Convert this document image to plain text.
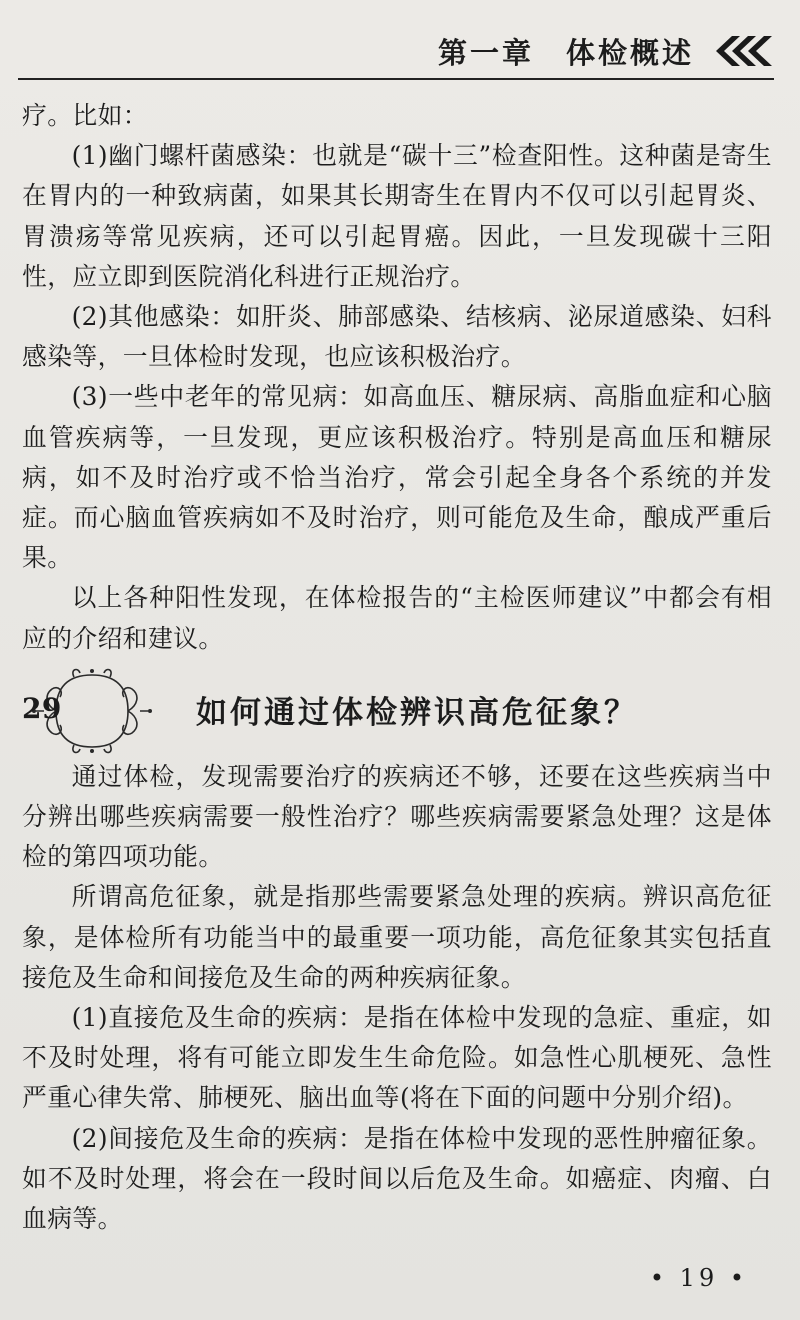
第一章　体检概述

疗。比如：

(1)幽门螺杆菌感染：也就是“碳十三”检查阳性。这种菌是寄生在胃内的一种致病菌，如果其长期寄生在胃内不仅可以引起胃炎、胃溃疡等常见疾病，还可以引起胃癌。因此，一旦发现碳十三阳性，应立即到医院消化科进行正规治疗。

(2)其他感染：如肝炎、肺部感染、结核病、泌尿道感染、妇科感染等，一旦体检时发现，也应该积极治疗。

(3)一些中老年的常见病：如高血压、糖尿病、高脂血症和心脑血管疾病等，一旦发现，更应该积极治疗。特别是高血压和糖尿病，如不及时治疗或不恰当治疗，常会引起全身各个系统的并发症。而心脑血管疾病如不及时治疗，则可能危及生命，酿成严重后果。

以上各种阳性发现，在体检报告的“主检医师建议”中都会有相应的介绍和建议。

29	如何通过体检辨识高危征象？

通过体检，发现需要治疗的疾病还不够，还要在这些疾病当中分辨出哪些疾病需要一般性治疗？哪些疾病需要紧急处理？这是体检的第四项功能。

所谓高危征象，就是指那些需要紧急处理的疾病。辨识高危征象，是体检所有功能当中的最重要一项功能，高危征象其实包括直接危及生命和间接危及生命的两种疾病征象。

(1)直接危及生命的疾病：是指在体检中发现的急症、重症，如不及时处理，将有可能立即发生生命危险。如急性心肌梗死、急性严重心律失常、肺梗死、脑出血等(将在下面的问题中分别介绍)。

(2)间接危及生命的疾病：是指在体检中发现的恶性肿瘤征象。如不及时处理，将会在一段时间以后危及生命。如癌症、肉瘤、白血病等。

• 19 •
